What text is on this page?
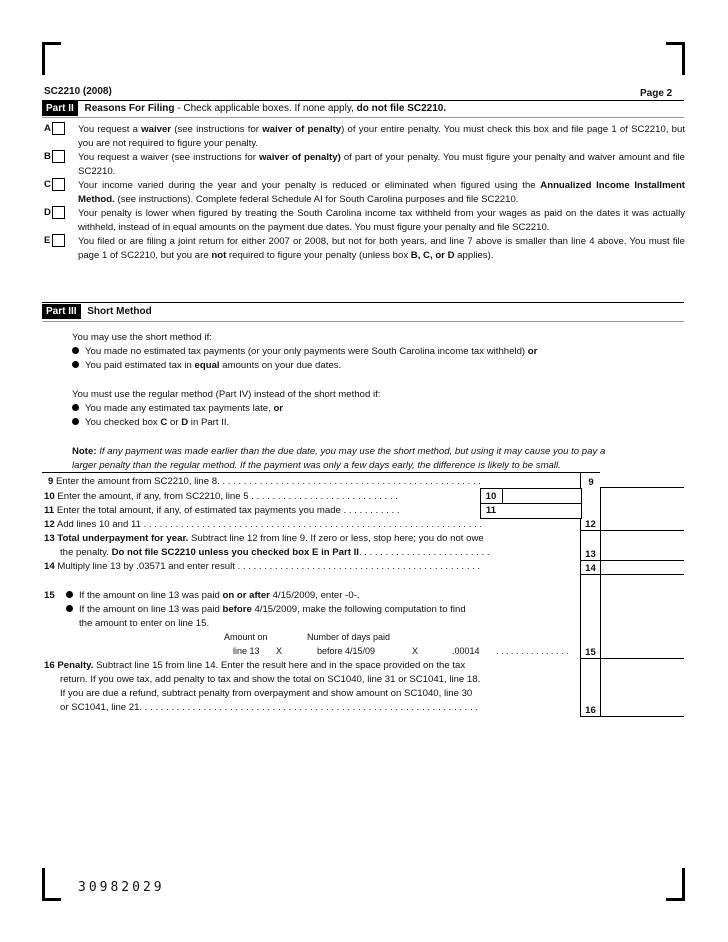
SC2210 (2008)	Page 2
Part II Reasons For Filing - Check applicable boxes. If none apply, do not file SC2210.
A	You request a waiver (see instructions for waiver of penalty) of your entire penalty. You must check this box and file page 1 of SC2210, but you are not required to figure your penalty.
B	You request a waiver (see instructions for waiver of penalty) of part of your penalty. You must figure your penalty and waiver amount and file SC2210.
C	Your income varied during the year and your penalty is reduced or eliminated when figured using the Annualized Income Installment Method. (see instructions). Complete federal Schedule AI for South Carolina purposes and file SC2210.
D	Your penalty is lower when figured by treating the South Carolina income tax withheld from your wages as paid on the dates it was actually withheld, instead of in equal amounts on the payment due dates. You must figure your penalty and file SC2210.
E	You filed or are filing a joint return for either 2007 or 2008, but not for both years, and line 7 above is smaller than line 4 above. You must file page 1 of SC2210, but you are not required to figure your penalty (unless box B, C, or D applies).
Part III Short Method
You may use the short method if:
You made no estimated tax payments (or your only payments were South Carolina income tax withheld) or
You paid estimated tax in equal amounts on your due dates.
You must use the regular method (Part IV) instead of the short method if:
You made any estimated tax payments late, or
You checked box C or D in Part II.
Note: If any payment was made earlier than the due date, you may use the short method, but using it may cause you to pay a
larger penalty than the regular method. If the payment was only a few days early, the difference is likely to be small.
9 Enter the amount from SC2210, line 8. . . . . . . . . . . . . . . . . . . . . . . . . . . . . . . . . . . . . . . . . . . . . . . . . .	9
10 Enter the amount, if any, from SC2210, line 5 . . . . . . . . . . . . . . . . . . . . . . . . . . . .	10
11 Enter the total amount, if any, of estimated tax payments you made . . . . . . . . . . .	11
12 Add lines 10 and 11 . . . . . . . . . . . . . . . . . . . . . . . . . . . . . . . . . . . . . . . . . . . . . . . . . . . . . . . . . . . . . . . .	12
13 Total underpayment for year. Subtract line 12 from line 9. If zero or less, stop here; you do not owe
the penalty. Do not file SC2210 unless you checked box E in Part II. . . . . . . . . . . . . . . . . . . . . . . . .	13
14 Multiply line 13 by .03571 and enter result . . . . . . . . . . . . . . . . . . . . . . . . . . . . . . . . . . . . . . . . . . . . . .	14
15	If the amount on line 13 was paid on or after 4/15/2009, enter -0-.
If the amount on line 13 was paid before 4/15/2009, make the following computation to find
the amount to enter on line 15.
Amount on	Number of days paid
line 13 X	before 4/15/09	X	.00014 . . . . . . . . . . . . . . .	15
16 Penalty. Subtract line 15 from line 14. Enter the result here and in the space provided on the tax
return. If you owe tax, add penalty to tax and show the total on SC1040, line 31 or SC1041, line 18.
If you are due a refund, subtract penalty from overpayment and show amount on SC1040, line 30
or SC1041, line 21. . . . . . . . . . . . . . . . . . . . . . . . . . . . . . . . . . . . . . . . . . . . . . . . . . . . . . . . . . . . . . . .	16
30982029
